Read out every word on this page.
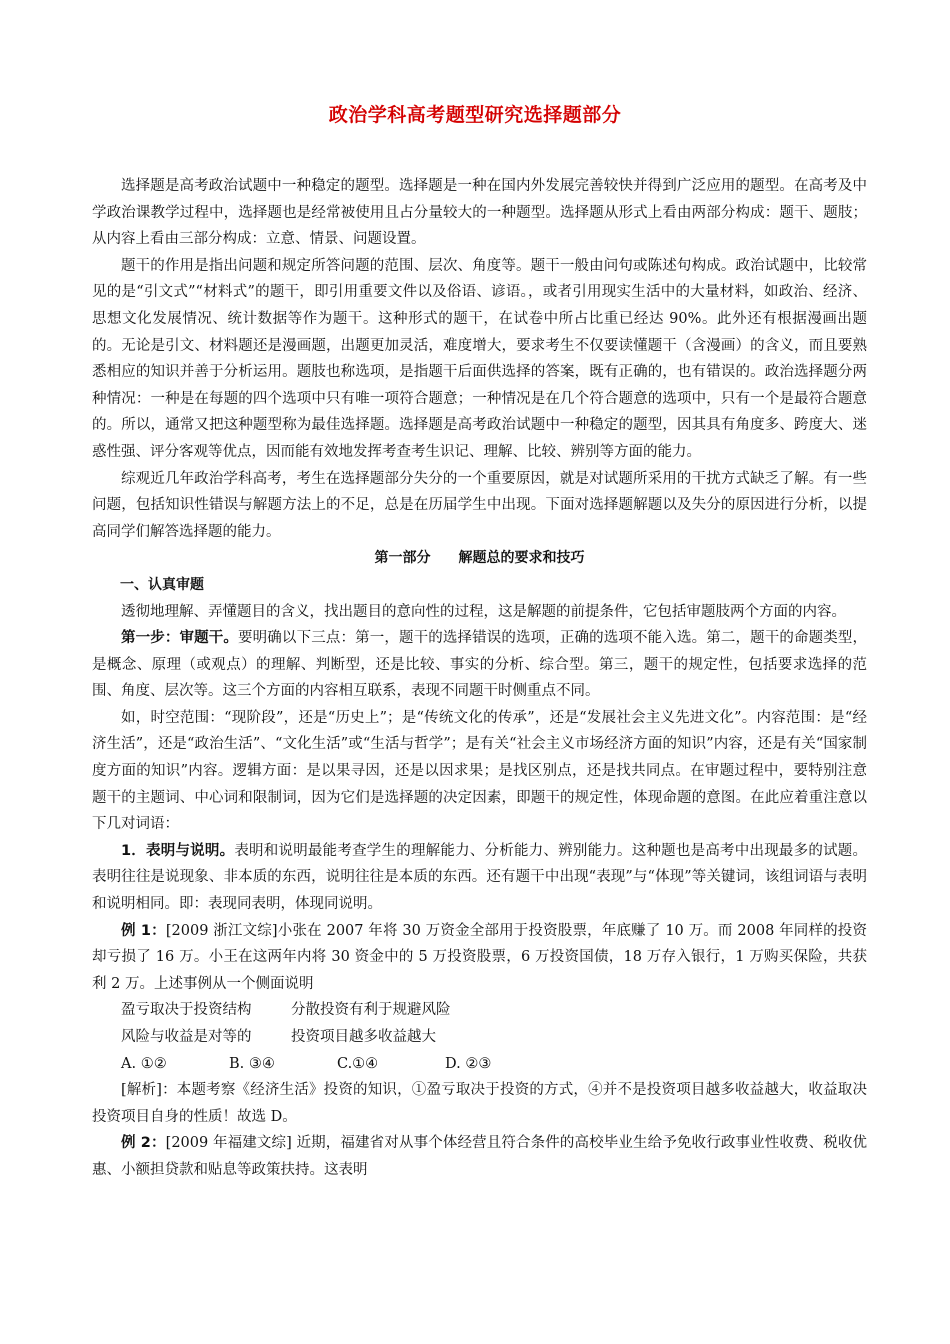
政治学科高考题型研究选择题部分

选择题是高考政治试题中一种稳定的题型。选择题是一种在国内外发展完善较快并得到广泛应用的题型。在高考及中学政治课教学过程中，选择题也是经常被使用且占分量较大的一种题型。选择题从形式上看由两部分构成：题干、题肢；从内容上看由三部分构成：立意、情景、问题设置。

题干的作用是指出问题和规定所答问题的范围、层次、角度等。题干一般由问句或陈述句构成。政治试题中，比较常见的是“引文式”“材料式”的题干，即引用重要文件以及俗语、谚语。，或者引用现实生活中的大量材料，如政治、经济、思想文化发展情况、统计数据等作为题干。这种形式的题干，在试卷中所占比重已经达 90%。此外还有根据漫画出题的。无论是引文、材料题还是漫画题，出题更加灵活，难度增大，要求考生不仅要读懂题干（含漫画）的含义，而且要熟悉相应的知识并善于分析运用。题肢也称选项，是指题干后面供选择的答案，既有正确的，也有错误的。政治选择题分两种情况：一种是在每题的四个选项中只有唯一项符合题意；一种情况是在几个符合题意的选项中，只有一个是最符合题意的。所以，通常又把这种题型称为最佳选择题。选择题是高考政治试题中一种稳定的题型，因其具有角度多、跨度大、迷惑性强、评分客观等优点，因而能有效地发挥考查考生识记、理解、比较、辨别等方面的能力。

综观近几年政治学科高考，考生在选择题部分失分的一个重要原因，就是对试题所采用的干扰方式缺乏了解。有一些问题，包括知识性错误与解题方法上的不足，总是在历届学生中出现。下面对选择题解题以及失分的原因进行分析，以提高同学们解答选择题的能力。

第一部分 解题总的要求和技巧

一、认真审题

透彻地理解、弄懂题目的含义，找出题目的意向性的过程，这是解题的前提条件，它包括审题肢两个方面的内容。

第一步：审题干。要明确以下三点：第一，题干的选择错误的选项，正确的选项不能入选。第二，题干的命题类型，是概念、原理（或观点）的理解、判断型，还是比较、事实的分析、综合型。第三，题干的规定性，包括要求选择的范围、角度、层次等。这三个方面的内容相互联系，表现不同题干时侧重点不同。

如，时空范围：“现阶段”，还是“历史上”；是“传统文化的传承”，还是“发展社会主义先进文化”。内容范围：是“经济生活”，还是“政治生活”、“文化生活”或“生活与哲学”；是有关“社会主义市场经济方面的知识”内容，还是有关“国家制度方面的知识”内容。逻辑方面：是以果寻因，还是以因求果；是找区别点，还是找共同点。在审题过程中，要特别注意题干的主题词、中心词和限制词，因为它们是选择题的决定因素，即题干的规定性，体现命题的意图。在此应着重注意以下几对词语：

1．表明与说明。表明和说明最能考查学生的理解能力、分析能力、辨别能力。这种题也是高考中出现最多的试题。表明往往是说现象、非本质的东西，说明往往是本质的东西。还有题干中出现“表现”与“体现”等关键词，该组词语与表明和说明相同。即：表现同表明，体现同说明。

例 1：[2009 浙江文综]小张在 2007 年将 30 万资金全部用于投资股票，年底赚了 10 万。而 2008 年同样的投资却亏损了 16 万。小王在这两年内将 30 资金中的 5 万投资股票，6 万投资国债，18 万存入银行，1 万购买保险，共获利 2 万。上述事例从一个侧面说明

盈亏取决于投资结构	分散投资有利于规避风险

风险与收益是对等的	投资项目越多收益越大

A. ①②	B. ③④	C.①④	D. ②③

[解析]：本题考察《经济生活》投资的知识，①盈亏取决于投资的方式，④并不是投资项目越多收益越大，收益取决投资项目自身的性质！故选 D。

例 2：[2009 年福建文综] 近期，福建省对从事个体经营且符合条件的高校毕业生给予免收行政事业性收费、税收优惠、小额担贷款和贴息等政策扶持。这表明
